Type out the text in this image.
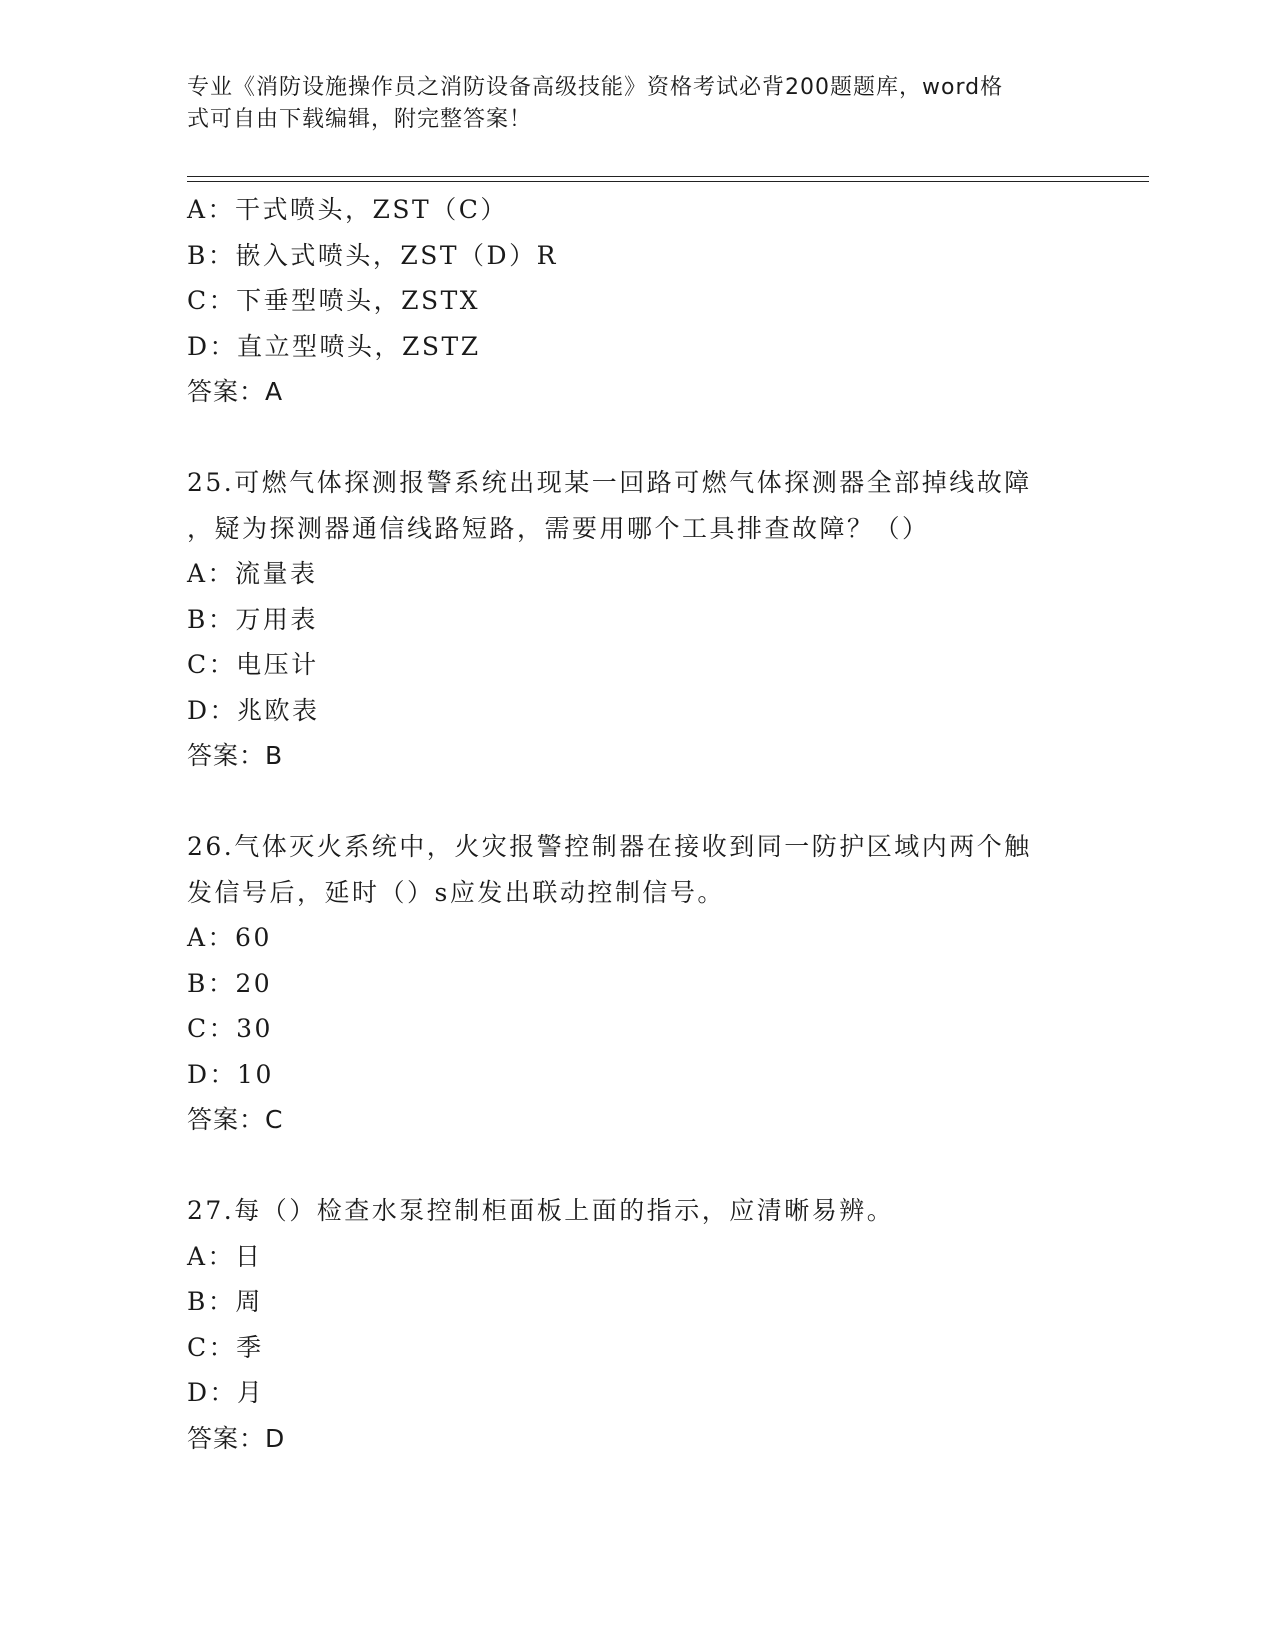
专业《消防设施操作员之消防设备高级技能》资格考试必背200题题库，word格
式可自由下载编辑，附完整答案！
A：干式喷头，ZST（C）
B：嵌入式喷头，ZST（D）R
C：下垂型喷头，ZSTX
D：直立型喷头，ZSTZ
答案：A
25.可燃气体探测报警系统出现某一回路可燃气体探测器全部掉线故障
，疑为探测器通信线路短路，需要用哪个工具排查故障？（）
A：流量表
B：万用表
C：电压计
D：兆欧表
答案：B
26.气体灭火系统中，火灾报警控制器在接收到同一防护区域内两个触
发信号后，延时（）s应发出联动控制信号。
A：60
B：20
C：30
D：10
答案：C
27.每（）检查水泵控制柜面板上面的指示，应清晰易辨。
A：日
B：周
C：季
D：月
答案：D
